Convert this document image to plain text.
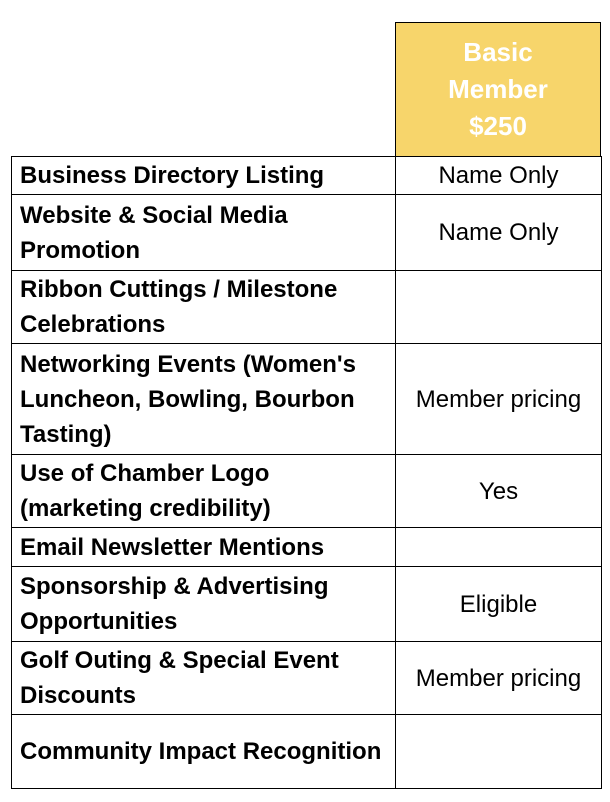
Basic
Member
$250
Business Directory Listing	Name Only
Website & Social Media Promotion	Name Only
Ribbon Cuttings / Milestone Celebrations	
Networking Events (Women's Luncheon, Bowling, Bourbon Tasting)	Member pricing
Use of Chamber Logo (marketing credibility)	Yes
Email Newsletter Mentions	
Sponsorship & Advertising Opportunities	Eligible
Golf Outing & Special Event Discounts	Member pricing
Community Impact Recognition	
